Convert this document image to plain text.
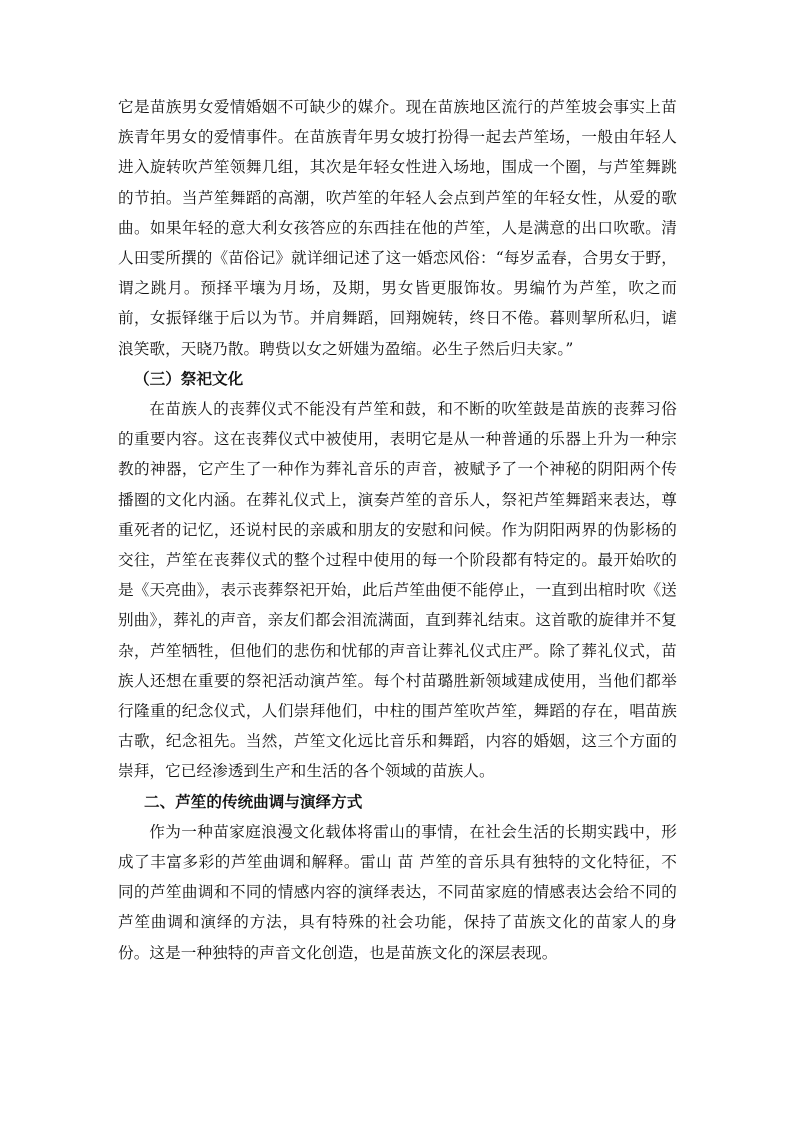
它是苗族男女爱情婚姻不可缺少的媒介。现在苗族地区流行的芦笙坡会事实上苗族青年男女的爱情事件。在苗族青年男女坡打扮得一起去芦笙场，一般由年轻人进入旋转吹芦笙领舞几组，其次是年轻女性进入场地，围成一个圈，与芦笙舞跳的节拍。当芦笙舞蹈的高潮，吹芦笙的年轻人会点到芦笙的年轻女性，从爱的歌曲。如果年轻的意大利女孩答应的东西挂在他的芦笙，人是满意的出口吹歌。清人田雯所撰的《苗俗记》就详细记述了这一婚恋风俗：“每岁孟春，合男女于野，谓之跳月。预择平壤为月场，及期，男女皆更服饰妆。男编竹为芦笙，吹之而前，女振铎继于后以为节。并肩舞蹈，回翔婉转，终日不倦。暮则挈所私归，谑浪笑歌，天晓乃散。聘赀以女之妍媸为盈缩。必生子然后归夫家。”

（三）祭祀文化

在苗族人的丧葬仪式不能没有芦笙和鼓，和不断的吹笙鼓是苗族的丧葬习俗的重要内容。这在丧葬仪式中被使用，表明它是从一种普通的乐器上升为一种宗教的神器，它产生了一种作为葬礼音乐的声音，被赋予了一个神秘的阴阳两个传播圈的文化内涵。在葬礼仪式上，演奏芦笙的音乐人，祭祀芦笙舞蹈来表达，尊重死者的记忆，还说村民的亲戚和朋友的安慰和问候。作为阴阳两界的伪影杨的交往，芦笙在丧葬仪式的整个过程中使用的每一个阶段都有特定的。最开始吹的是《天亮曲》，表示丧葬祭祀开始，此后芦笙曲便不能停止，一直到出棺时吹《送别曲》，葬礼的声音，亲友们都会泪流满面，直到葬礼结束。这首歌的旋律并不复杂，芦笙牺牲，但他们的悲伤和忧郁的声音让葬礼仪式庄严。除了葬礼仪式，苗族人还想在重要的祭祀活动演芦笙。每个村苗璐胜新领域建成使用，当他们都举行隆重的纪念仪式，人们崇拜他们，中柱的围芦笙吹芦笙，舞蹈的存在，唱苗族古歌，纪念祖先。当然，芦笙文化远比音乐和舞蹈，内容的婚姻，这三个方面的崇拜，它已经渗透到生产和生活的各个领域的苗族人。

二、芦笙的传统曲调与演绎方式

作为一种苗家庭浪漫文化载体将雷山的事情，在社会生活的长期实践中，形成了丰富多彩的芦笙曲调和解释。雷山 苗 芦笙的音乐具有独特的文化特征，不同的芦笙曲调和不同的情感内容的演绎表达，不同苗家庭的情感表达会给不同的芦笙曲调和演绎的方法，具有特殊的社会功能，保持了苗族文化的苗家人的身份。这是一种独特的声音文化创造，也是苗族文化的深层表现。
